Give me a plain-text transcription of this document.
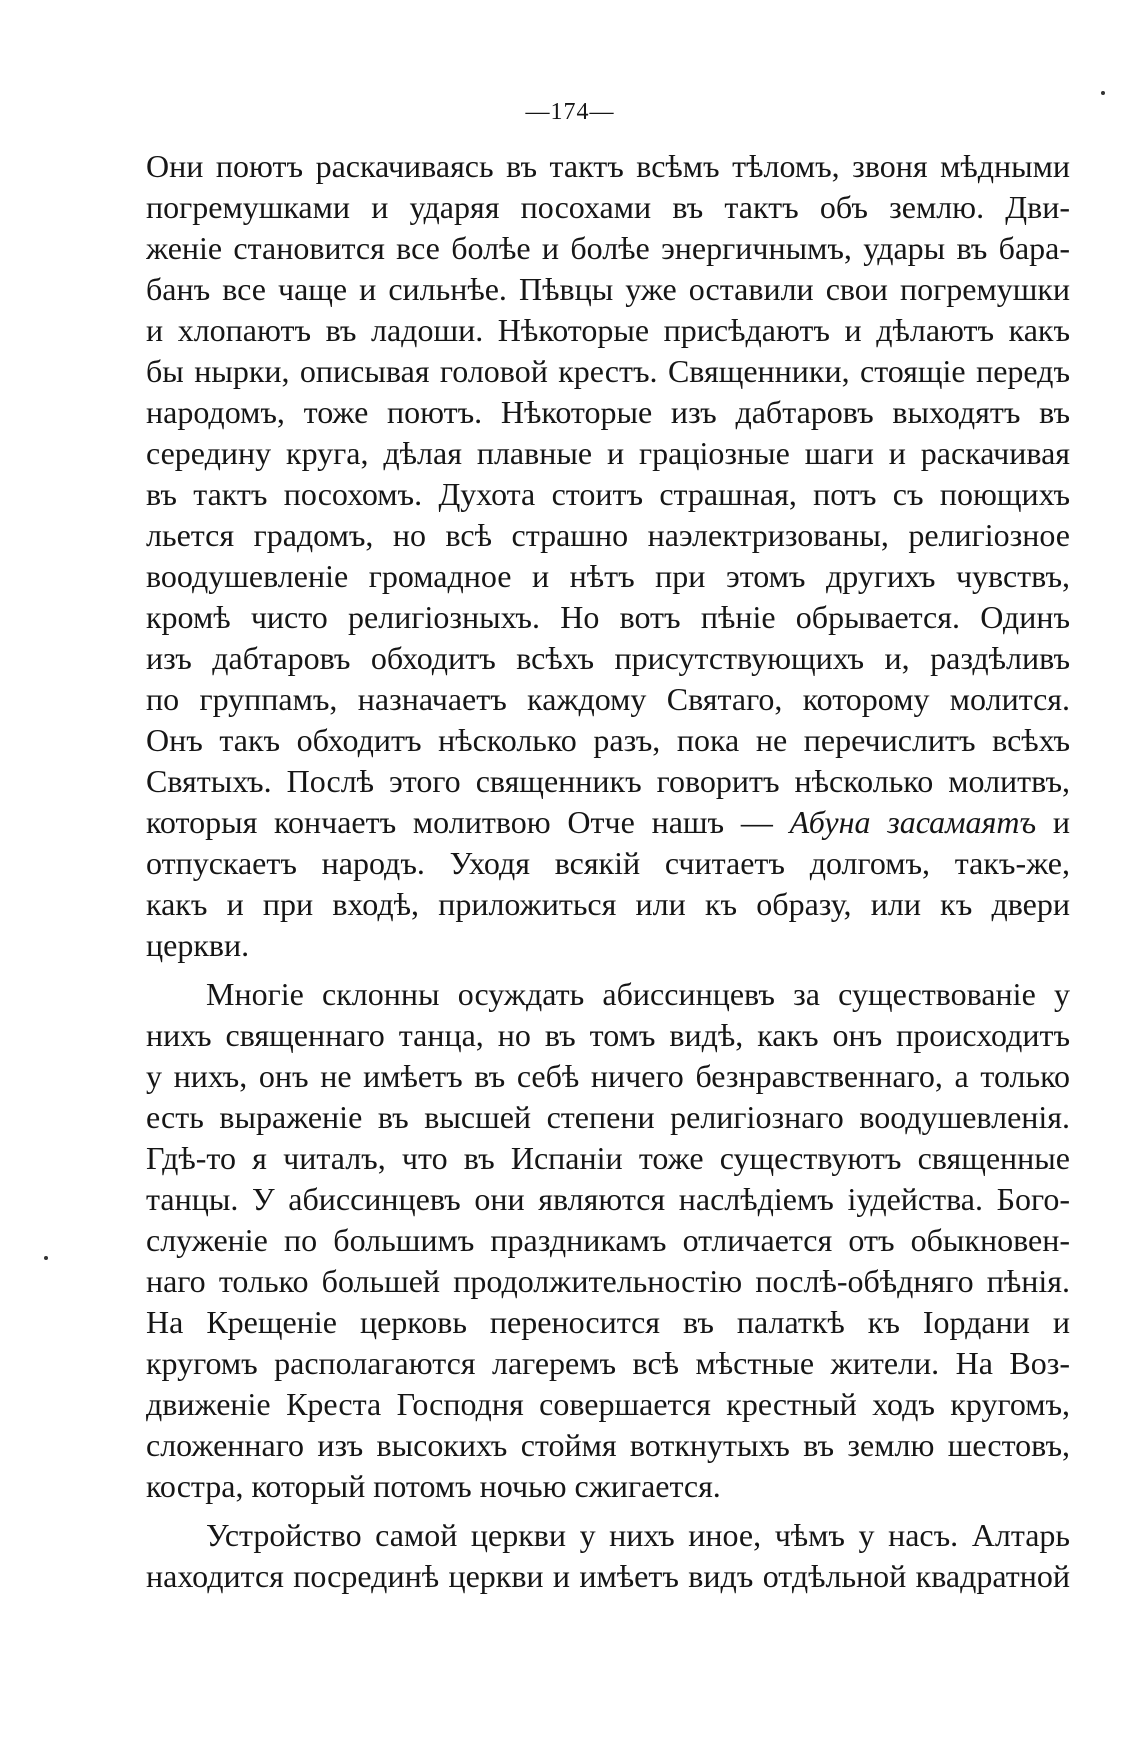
—174—
Они поютъ раскачиваясь въ тактъ всѣмъ тѣломъ, звоня мѣдными
погремушками и ударяя посохами въ тактъ объ землю. Дви-
женіе становится все болѣе и болѣе энергичнымъ, удары въ бара-
банъ все чаще и сильнѣе. Пѣвцы уже оставили свои погремушки
и хлопаютъ въ ладоши. Нѣкоторые присѣдаютъ и дѣлаютъ какъ
бы нырки, описывая головой крестъ. Священники, стоящіе передъ
народомъ, тоже поютъ. Нѣкоторые изъ дабтаровъ выходятъ въ
середину круга, дѣлая плавные и граціозные шаги и раскачивая
въ тактъ посохомъ. Духота стоитъ страшная, потъ съ поющихъ
льется градомъ, но всѣ страшно наэлектризованы, религіозное
воодушевленіе громадное и нѣтъ при этомъ другихъ чувствъ,
кромѣ чисто религіозныхъ. Но вотъ пѣніе обрывается. Одинъ
изъ дабтаровъ обходитъ всѣхъ присутствующихъ и, раздѣливъ
по группамъ, назначаетъ каждому Святаго, которому молится.
Онъ такъ обходитъ нѣсколько разъ, пока не перечислитъ всѣхъ
Святыхъ. Послѣ этого священникъ говоритъ нѣсколько молитвъ,
которыя кончаетъ молитвою Отче нашъ — Абуна засамаятъ и
отпускаетъ народъ. Уходя всякій считаетъ долгомъ, такъ-же,
какъ и при входѣ, приложиться или къ образу, или къ двери
церкви.
Многіе склонны осуждать абиссинцевъ за существованіе у
нихъ священнаго танца, но въ томъ видѣ, какъ онъ происходитъ
у нихъ, онъ не имѣетъ въ себѣ ничего безнравственнаго, а только
есть выраженіе въ высшей степени религіознаго воодушевленія.
Гдѣ-то я читалъ, что въ Испаніи тоже существуютъ священные
танцы. У абиссинцевъ они являются наслѣдіемъ іудейства. Бого-
служеніе по большимъ праздникамъ отличается отъ обыкновен-
наго только большей продолжительностію послѣ-обѣдняго пѣнія.
На Крещеніе церковь переносится въ палаткѣ къ Іордани и
кругомъ располагаются лагеремъ всѣ мѣстные жители. На Воз-
движеніе Креста Господня совершается крестный ходъ кругомъ,
сложеннаго изъ высокихъ стоймя воткнутыхъ въ землю шестовъ,
костра, который потомъ ночью сжигается.
Устройство самой церкви у нихъ иное, чѣмъ у насъ. Алтарь
находится посрединѣ церкви и имѣетъ видъ отдѣльной квадратной
